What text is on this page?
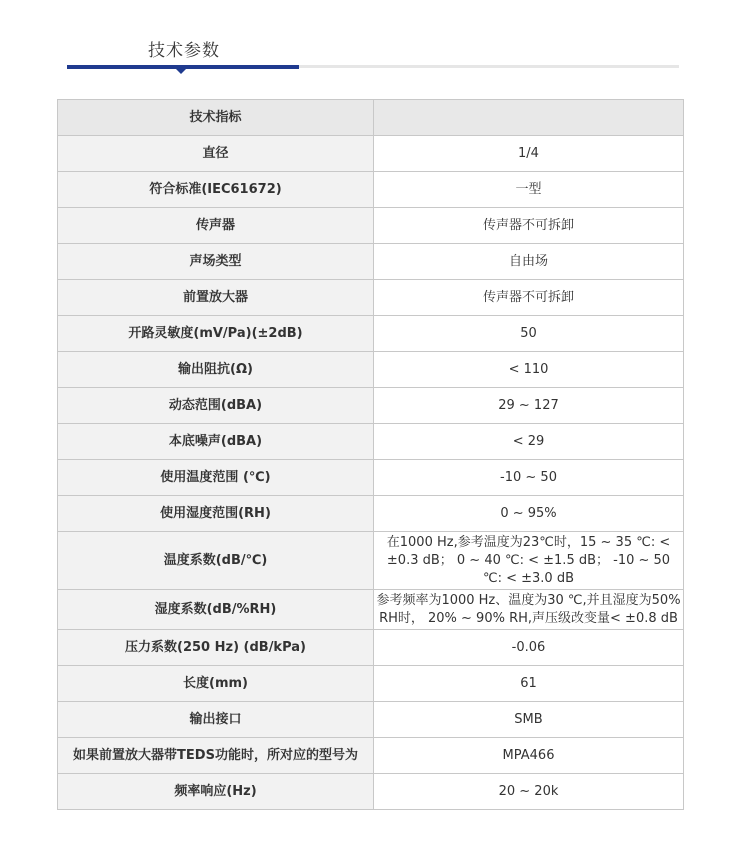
技术参数
技术指标	
直径	1/4
符合标准(IEC61672)	一型
传声器	传声器不可拆卸
声场类型	自由场
前置放大器	传声器不可拆卸
开路灵敏度(mV/Pa)(±2dB)	50
输出阻抗(Ω)	< 110
动态范围(dBA)	29 ~ 127
本底噪声(dBA)	< 29
使用温度范围 (℃)	-10 ~ 50
使用湿度范围(RH)	0 ~ 95%
温度系数(dB/℃)	在1000 Hz,参考温度为23℃时，15 ~ 35 ℃: < ±0.3 dB； 0 ~ 40 ℃: < ±1.5 dB； -10 ~ 50 ℃: < ±3.0 dB
湿度系数(dB/%RH)	参考频率为1000 Hz、温度为30 ℃,并且湿度为50% RH时， 20% ~ 90% RH,声压级改变量< ±0.8 dB
压力系数(250 Hz) (dB/kPa)	-0.06
长度(mm)	61
输出接口	SMB
如果前置放大器带TEDS功能时，所对应的型号为	MPA466
频率响应(Hz)	20 ~ 20k
